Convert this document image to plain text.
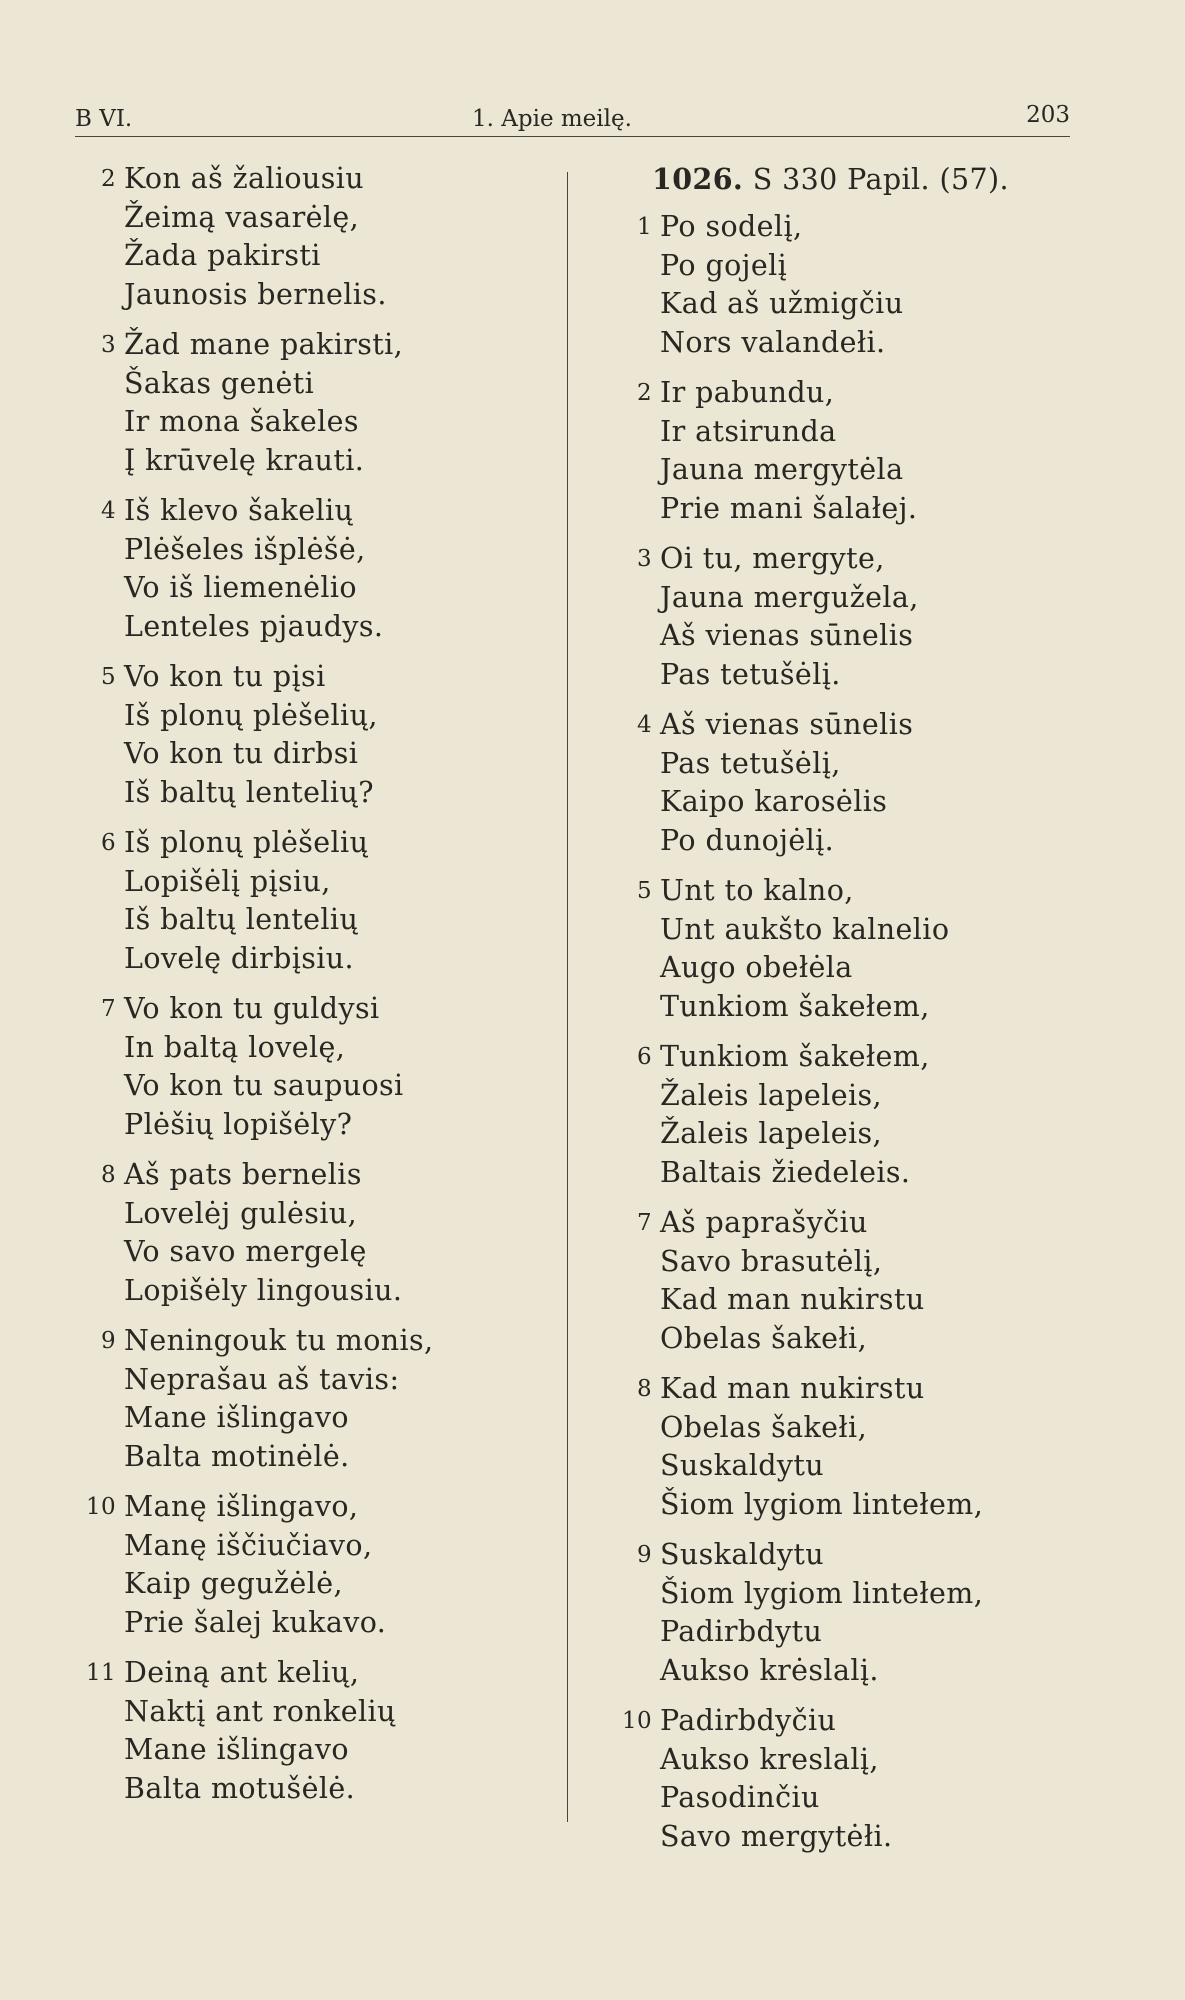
B VI.	1. Apie meilę.	203
2 Kon aš žaliousiu
Žeimą vasarėlę,
Žada pakirsti
Jaunosis bernelis.
3 Žad mane pakirsti,
Šakas genėti
Ir mona šakeles
Į krūvelę krauti.
4 Iš klevo šakelių
Plėšeles išplėšė,
Vo iš liemenėlio
Lenteles pjaudys.
5 Vo kon tu pįsi
Iš plonų plėšelių,
Vo kon tu dirbsi
Iš baltų lentelių?
6 Iš plonų plėšelių
Lopišėlį pįsiu,
Iš baltų lentelių
Lovelę dirbįsiu.
7 Vo kon tu guldysi
In baltą lovelę,
Vo kon tu saupuosi
Plėšių lopišėly?
8 Aš pats bernelis
Lovelėj gulėsiu,
Vo savo mergelę
Lopišėly lingousiu.
9 Neningouk tu monis,
Neprašau aš tavis:
Mane išlingavo
Balta motinėlė.
10 Manę išlingavo,
Manę iščiučiavo,
Kaip gegužėlė,
Prie šalej kukavo.
11 Deiną ant kelių,
Naktį ant ronkelių
Mane išlingavo
Balta motušėlė.
1026. S 330 Papil. (57).
1 Po sodelį,
Po gojelį
Kad aš užmigčiu
Nors valandełi.
2 Ir pabundu,
Ir atsirunda
Jauna mergytėla
Prie mani šalałej.
3 Oi tu, mergyte,
Jauna merguželа,
Aš vienas sūnelis
Pas tetušėlį.
4 Aš vienas sūnelis
Pas tetušėlį,
Kaipo karosėlis
Po dunojėlį.
5 Unt to kalno,
Unt aukšto kalnelio
Augo obełėla
Tunkiom šakełem,
6 Tunkiom šakełem,
Žaleis lapeleis,
Žaleis lapeleis,
Baltais žiedeleis.
7 Aš paprašyčiu
Savo brasutėlį,
Kad man nukirstu
Obelas šakełi,
8 Kad man nukirstu
Obelas šakełi,
Suskaldytu
Šiom lygiom lintełem,
9 Suskaldytu
Šiom lygiom lintełem,
Padirbdytu
Aukso krėslalį.
10 Padirbdyčiu
Aukso kreslalį,
Pasodinčiu
Savo mergytėłi.
